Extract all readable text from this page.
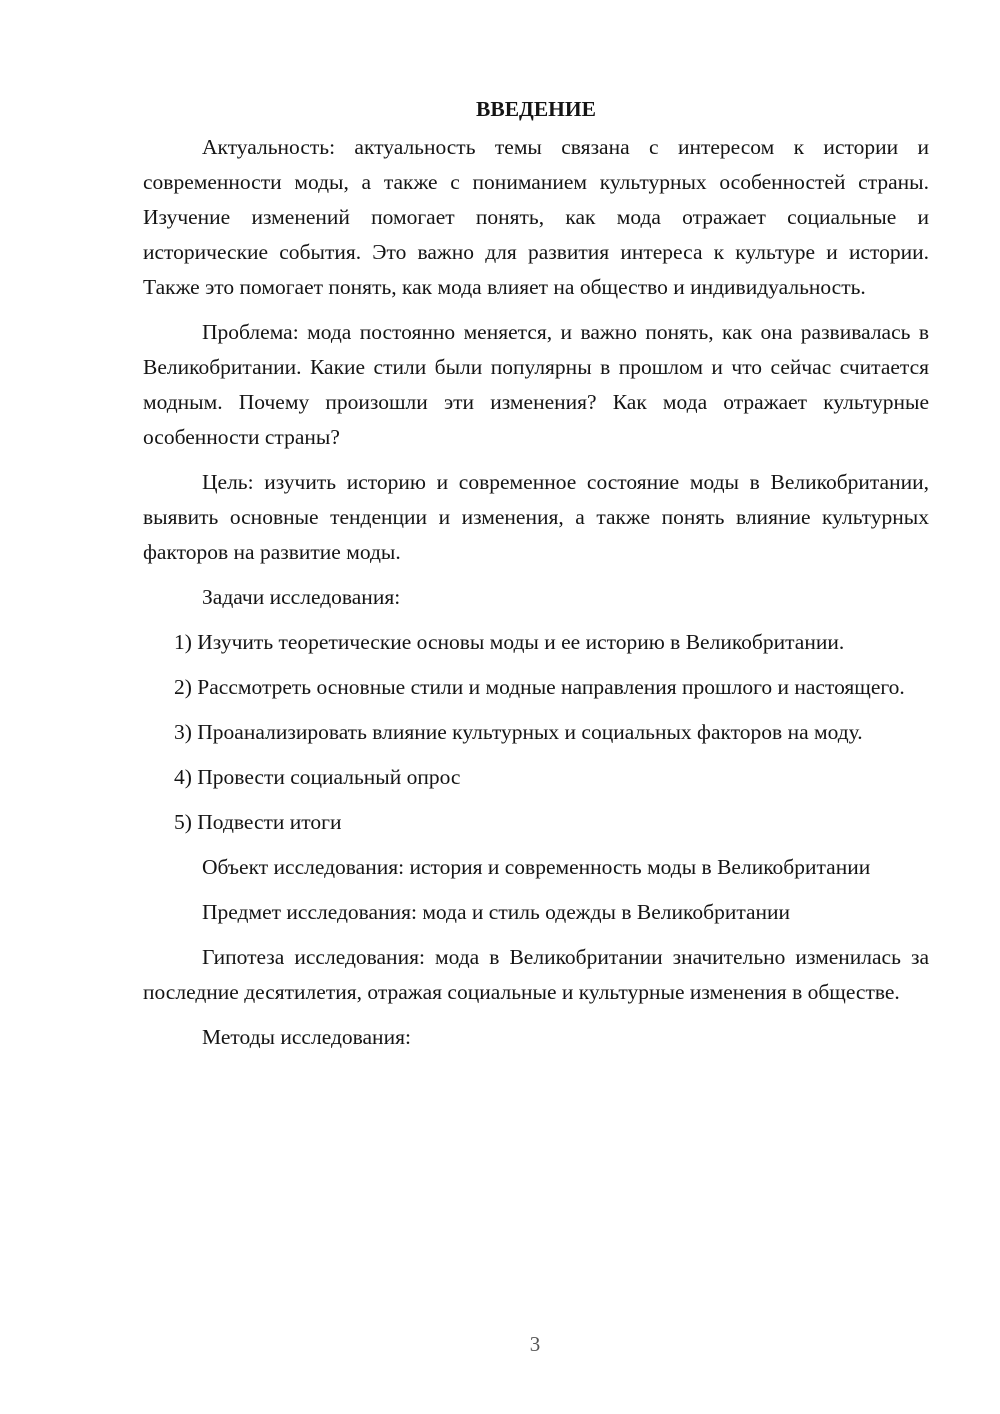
ВВЕДЕНИЕ

Актуальность: актуальность темы связана с интересом к истории и современности моды, а также с пониманием культурных особенностей страны. Изучение изменений помогает понять, как мода отражает социальные и исторические события. Это важно для развития интереса к культуре и истории. Также это помогает понять, как мода влияет на общество и индивидуальность.

Проблема: мода постоянно меняется, и важно понять, как она развивалась в Великобритании. Какие стили были популярны в прошлом и что сейчас считается модным. Почему произошли эти изменения? Как мода отражает культурные особенности страны?

Цель: изучить историю и современное состояние моды в Великобритании, выявить основные тенденции и изменения, а также понять влияние культурных факторов на развитие моды.

Задачи исследования:

1) Изучить теоретические основы моды и ее историю в Великобритании.

2) Рассмотреть основные стили и модные направления прошлого и настоящего.

3) Проанализировать влияние культурных и социальных факторов на моду.

4) Провести социальный опрос

5) Подвести итоги

Объект исследования: история и современность моды в Великобритании

Предмет исследования: мода и стиль одежды в Великобритании

Гипотеза исследования: мода в Великобритании значительно изменилась за последние десятилетия, отражая социальные и культурные изменения в обществе.

Методы исследования:

3
